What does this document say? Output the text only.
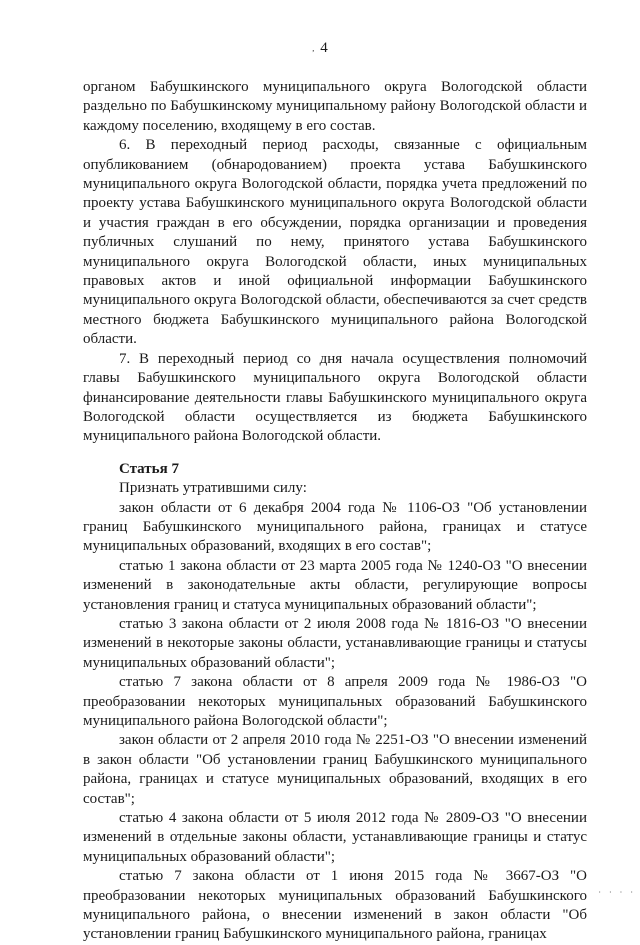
, 4

органом Бабушкинского муниципального округа Вологодской области раздельно по Бабушкинскому муниципальному району Вологодской области и каждому поселению, входящему в его состав.

6. В переходный период расходы, связанные с официальным опубликованием (обнародованием) проекта устава Бабушкинского муниципального округа Вологодской области, порядка учета предложений по проекту устава Бабушкинского муниципального округа Вологодской области и участия граждан в его обсуждении, порядка организации и проведения публичных слушаний по нему, принятого устава Бабушкинского муниципального округа Вологодской области, иных муниципальных правовых актов и иной официальной информации Бабушкинского муниципального округа Вологодской области, обеспечиваются за счет средств местного бюджета Бабушкинского муниципального района Вологодской области.

7. В переходный период со дня начала осуществления полномочий главы Бабушкинского муниципального округа Вологодской области финансирование деятельности главы Бабушкинского муниципального округа Вологодской области осуществляется из бюджета Бабушкинского муниципального района Вологодской области.

Статья 7

Признать утратившими силу:

закон области от 6 декабря 2004 года № 1106-ОЗ "Об установлении границ Бабушкинского муниципального района, границах и статусе муниципальных образований, входящих в его состав";

статью 1 закона области от 23 марта 2005 года № 1240-ОЗ "О внесении изменений в законодательные акты области, регулирующие вопросы установления границ и статуса муниципальных образований области";

статью 3 закона области от 2 июля 2008 года № 1816-ОЗ "О внесении изменений в некоторые законы области, устанавливающие границы и статусы муниципальных образований области";

статью 7 закона области от 8 апреля 2009 года № 1986-ОЗ "О преобразовании некоторых муниципальных образований Бабушкинского муниципального района Вологодской области";

закон области от 2 апреля 2010 года № 2251-ОЗ "О внесении изменений в закон области "Об установлении границ Бабушкинского муниципального района, границах и статусе муниципальных образований, входящих в его состав";

статью 4 закона области от 5 июля 2012 года № 2809-ОЗ "О внесении изменений в отдельные законы области, устанавливающие границы и статус муниципальных образований области";

статью 7 закона области от 1 июня 2015 года № 3667-ОЗ "О преобразовании некоторых муниципальных образований Бабушкинского муниципального района, о внесении изменений в закон области "Об установлении границ Бабушкинского муниципального района, границах

· · · ·
